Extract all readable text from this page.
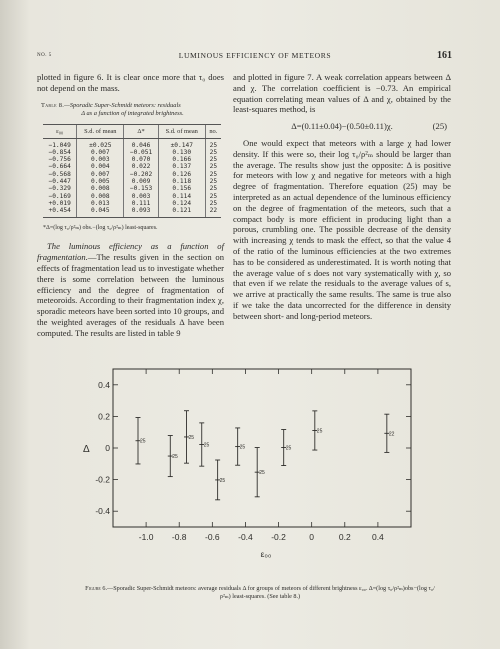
NO. 5	LUMINOUS EFFICIENCY OF METEORS	161

plotted in figure 6. It is clear once more that τ₀ does not depend on the mass.

Table 8.—Sporadic Super-Schmidt meteors: residuals
Δ as a function of integrated brightness.
ε₀₀	S.d. of mean	Δ*	S.d. of mean	no.
−1.049	±0.025	0.046	±0.147	25
−0.854	0.007	−0.051	0.130	25
−0.756	0.003	0.070	0.166	25
−0.664	0.004	0.022	0.137	25
−0.568	0.007	−0.202	0.126	25
−0.447	0.005	0.009	0.118	25
−0.329	0.008	−0.153	0.156	25
−0.169	0.008	0.003	0.114	25
+0.019	0.013	0.111	0.124	25
+0.454	0.045	0.093	0.121	22

*Δ=(log τ₀/ρ²ₘ) obs.−(log τ₀/ρ²ₘ) least-squares.

The luminous efficiency as a function of fragmentation.—The results given in the section on effects of fragmentation lead us to investigate whether there is some correlation between the luminous efficiency and the degree of fragmentation of meteoroids. According to their fragmentation index χ, sporadic meteors have been sorted into 10 groups, and the weighted averages of the residuals Δ have been computed. The results are listed in table 9

and plotted in figure 7. A weak correlation appears between Δ and χ. The correlation coefficient is −0.73. An empirical equation correlating mean values of Δ and χ, obtained by the least-squares method, is

Δ=(0.11±0.04)−(0.50±0.11)χ.	(25)

One would expect that meteors with a large χ had lower density. If this were so, their log τ₀/ρ²ₘ should be larger than the average. The results show just the opposite: Δ is positive for meteors with low χ and negative for meteors with a high degree of fragmentation. Therefore equation (25) may be interpreted as an actual dependence of the luminous efficiency on the degree of fragmentation of the meteors, such that a compact body is more efficient in producing light than a porous, crumbling one. The possible decrease of the density with increasing χ tends to mask the effect, so that the value 4 of the ratio of the luminous efficiencies at the two extremes has to be considered as underestimated. It is worth noting that the average value of s does not vary systematically with χ, so that even if we relate the residuals to the average values of s, we arrive at practically the same results. The same is true also if we take the data uncorrected for the difference in density between short- and long-period meteors.

-1.0 -0.8 -0.6 -0.4 -0.2	0	0.2	0.4
0.4
0.2
0
-0.2
-0.4
Δ
ε₀₀
25
25
25
25
25
25
25
25
25	22

Figure 6.—Sporadic Super-Schmidt meteors: average residuals Δ for groups of meteors of different brightness ε₀₀. Δ=(log τ₀/ρ²ₘ)obs−(log τ₀/ρ²ₘ) least-squares. (See table 8.)
